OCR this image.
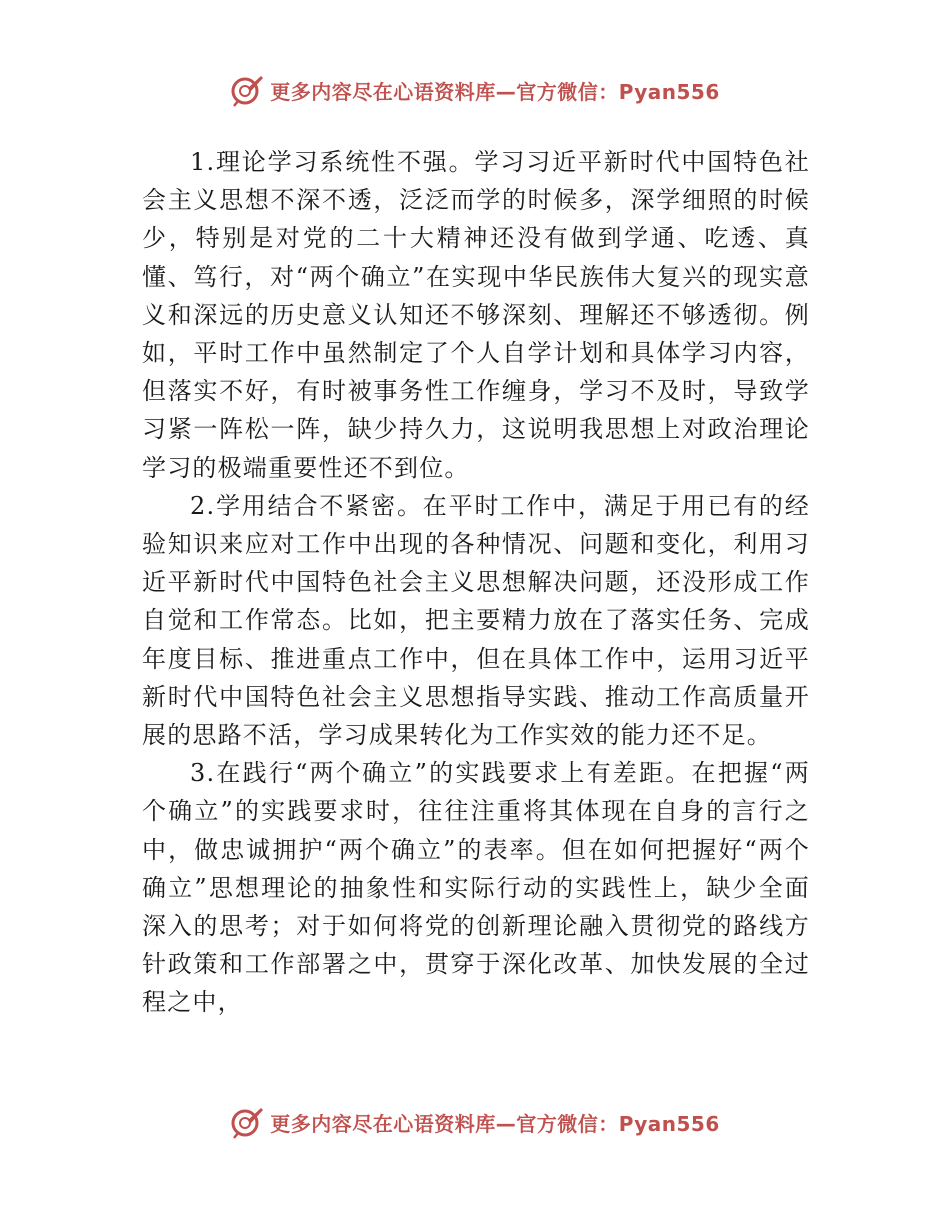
更多内容尽在心语资料库—官方微信：Pyan556

1.理论学习系统性不强。学习习近平新时代中国特色社会主义思想不深不透，泛泛而学的时候多，深学细照的时候少，特别是对党的二十大精神还没有做到学通、吃透、真懂、笃行，对“两个确立”在实现中华民族伟大复兴的现实意义和深远的历史意义认知还不够深刻、理解还不够透彻。例如，平时工作中虽然制定了个人自学计划和具体学习内容，但落实不好，有时被事务性工作缠身，学习不及时，导致学习紧一阵松一阵，缺少持久力，这说明我思想上对政治理论学习的极端重要性还不到位。

2.学用结合不紧密。在平时工作中，满足于用已有的经验知识来应对工作中出现的各种情况、问题和变化，利用习近平新时代中国特色社会主义思想解决问题，还没形成工作自觉和工作常态。比如，把主要精力放在了落实任务、完成年度目标、推进重点工作中，但在具体工作中，运用习近平新时代中国特色社会主义思想指导实践、推动工作高质量开展的思路不活，学习成果转化为工作实效的能力还不足。

3.在践行“两个确立”的实践要求上有差距。在把握“两个确立”的实践要求时，往往注重将其体现在自身的言行之中，做忠诚拥护“两个确立”的表率。但在如何把握好“两个确立”思想理论的抽象性和实际行动的实践性上，缺少全面深入的思考；对于如何将党的创新理论融入贯彻党的路线方针政策和工作部署之中，贯穿于深化改革、加快发展的全过程之中，

更多内容尽在心语资料库—官方微信：Pyan556
